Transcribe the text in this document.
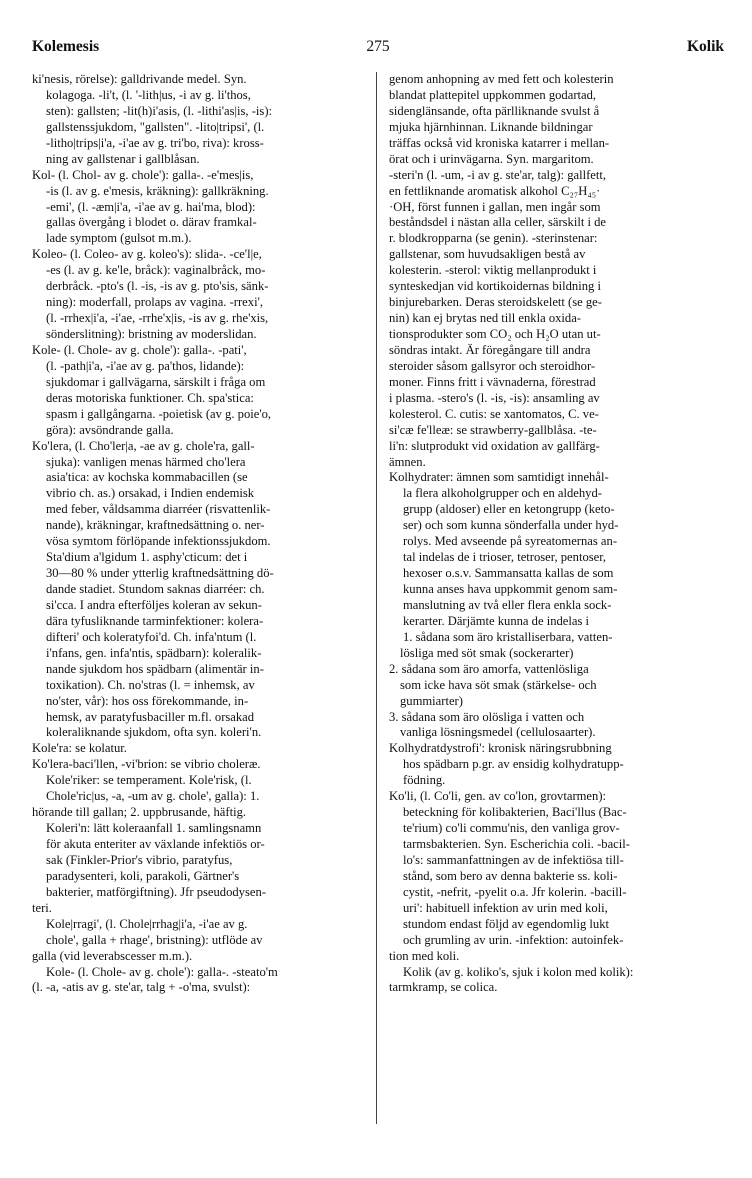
Kolemesis	275	Kolik
ki'nesis, rörelse): galldrivande medel. Syn.
kolagoga. -li't, (l. '-lith|us, -i av g. li'thos,
sten): gallsten; -lit(h)i'asis, (l. -lithi'as|is, -is):
gallstenssjukdom, "gallsten". -lito|tripsi', (l.
-litho|trips|i'a, -i'ae av g. tri'bo, riva): kross-
ning av gallstenar i gallblåsan.
Kol- (l. Chol- av g. chole'): galla-. -e'mes|is,
-is (l. av g. e'mesis, kräkning): gallkräkning.
-emi', (l. -æm|i'a, -i'ae av g. hai'ma, blod):
gallas övergång i blodet o. därav framkal-
lade symptom (gulsot m.m.).
Koleo- (l. Coleo- av g. koleo's): slida-. -ce'l|e,
-es (l. av g. ke'le, bråck): vaginalbråck, mo-
derbråck. -pto's (l. -is, -is av g. pto'sis, sänk-
ning): moderfall, prolaps av vagina. -rrexi',
(l. -rrhex|i'a, -i'ae, -rrhe'x|is, -is av g. rhe'xis,
sönderslitning): bristning av moderslidan.
Kole- (l. Chole- av g. chole'): galla-. -pati',
(l. -path|i'a, -i'ae av g. pa'thos, lidande):
sjukdomar i gallvägarna, särskilt i fråga om
deras motoriska funktioner. Ch. spa'stica:
spasm i gallgångarna. -poietisk (av g. poie'o,
göra): avsöndrande galla.
Ko'lera, (l. Cho'ler|a, -ae av g. chole'ra, gall-
sjuka): vanligen menas härmed cho'lera
asia'tica: av kochska kommabacillen (se
vibrio ch. as.) orsakad, i Indien endemisk
med feber, våldsamma diarréer (risvattenlik-
nande), kräkningar, kraftnedsättning o. ner-
vösa symtom förlöpande infektionssjukdom.
Sta'dium a'lgidum 1. asphy'cticum: det i
30—80 % under ytterlig kraftnedsättning dö-
dande stadiet. Stundom saknas diarréer: ch.
si'cca. I andra efterföljes koleran av sekun-
dära tyfusliknande tarminfektioner: kolera-
difteri' och koleratyfoi'd. Ch. infa'ntum (l.
i'nfans, gen. infa'ntis, spädbarn): koleralik-
nande sjukdom hos spädbarn (alimentär in-
toxikation). Ch. no'stras (l. = inhemsk, av
no'ster, vår): hos oss förekommande, in-
hemsk, av paratyfusbaciller m.fl. orsakad
koleraliknande sjukdom, ofta syn. koleri'n.
Kole'ra: se kolatur.
Ko'lera-baci'llen, -vi'brion: se vibrio choleræ.
Kole'riker: se temperament. Kole'risk, (l.
Chole'ric|us, -a, -um av g. chole', galla): 1.
hörande till gallan; 2. uppbrusande, häftig.
Koleri'n: lätt koleraanfall 1. samlingsnamn
för akuta enteriter av växlande infektiös or-
sak (Finkler-Prior's vibrio, paratyfus,
paradysenteri, koli, parakoli, Gärtner's
bakterier, matförgiftning). Jfr pseudodysen-
teri.
Kole|rragi', (l. Chole|rrhag|i'a, -i'ae av g.
chole', galla + rhage', bristning): utflöde av
galla (vid leverabscesser m.m.).
Kole- (l. Chole- av g. chole'): galla-. -steato'm
(l. -a, -atis av g. ste'ar, talg + -o'ma, svulst):
genom anhopning av med fett och kolesterin
blandat plattepitel uppkommen godartad,
sidenglänsande, ofta pärlliknande svulst å
mjuka hjärnhinnan. Liknande bildningar
träffas också vid kroniska katarrer i mellan-
örat och i urinvägarna. Syn. margaritom.
-steri'n (l. -um, -i av g. ste'ar, talg): gallfett,
en fettliknande aromatisk alkohol C₂₇H₄₅·
·OH, först funnen i gallan, men ingår som
beståndsdel i nästan alla celler, särskilt i de
r. blodkropparna (se genin). -sterinstenar:
gallstenar, som huvudsakligen bestå av
kolesterin. -sterol: viktig mellanprodukt i
synteskedjan vid kortikoidernas bildning i
binjurebarken. Deras steroidskelett (se ge-
nin) kan ej brytas ned till enkla oxida-
tionsprodukter som CO₂ och H₂O utan ut-
söndras intakt. Är föregångare till andra
steroider såsom gallsyror och steroidhor-
moner. Finns fritt i vävnaderna, förestrad
i plasma. -stero's (l. -is, -is): ansamling av
kolesterol. C. cutis: se xantomatos, C. ve-
si'cæ fe'lleæ: se strawberry-gallblåsa. -te-
li'n: slutprodukt vid oxidation av gallfärg-
ämnen.
Kolhydrater: ämnen som samtidigt innehål-
la flera alkoholgrupper och en aldehyd-
grupp (aldoser) eller en ketongrupp (keto-
ser) och som kunna sönderfalla under hyd-
rolys. Med avseende på syreatomernas an-
tal indelas de i trioser, tetroser, pentoser,
hexoser o.s.v. Sammansatta kallas de som
kunna anses hava uppkommit genom sam-
manslutning av två eller flera enkla sock-
kerarter. Därjämte kunna de indelas i
1. sådana som äro kristalliserbara, vatten-
lösliga med söt smak (sockerarter)
2. sådana som äro amorfa, vattenlösliga
som icke hava söt smak (stärkelse- och
gummiarter)
3. sådana som äro olösliga i vatten och
vanliga lösningsmedel (cellulosaarter).
Kolhydratdystrofi': kronisk näringsrubbning
hos spädbarn p.gr. av ensidig kolhydratupp-
födning.
Ko'li, (l. Co'li, gen. av co'lon, grovtarmen):
beteckning för kolibakterien, Baci'llus (Bac-
te'rium) co'li commu'nis, den vanliga grov-
tarmsbakterien. Syn. Escherichia coli. -bacil-
lo's: sammanfattningen av de infektiösa till-
stånd, som bero av denna bakterie ss. koli-
cystit, -nefrit, -pyelit o.a. Jfr kolerin. -bacill-
uri': habituell infektion av urin med koli,
stundom endast följd av egendomlig lukt
och grumling av urin. -infektion: autoinfek-
tion med koli.
Kolik (av g. koliko's, sjuk i kolon med kolik):
tarmkramp, se colica.
